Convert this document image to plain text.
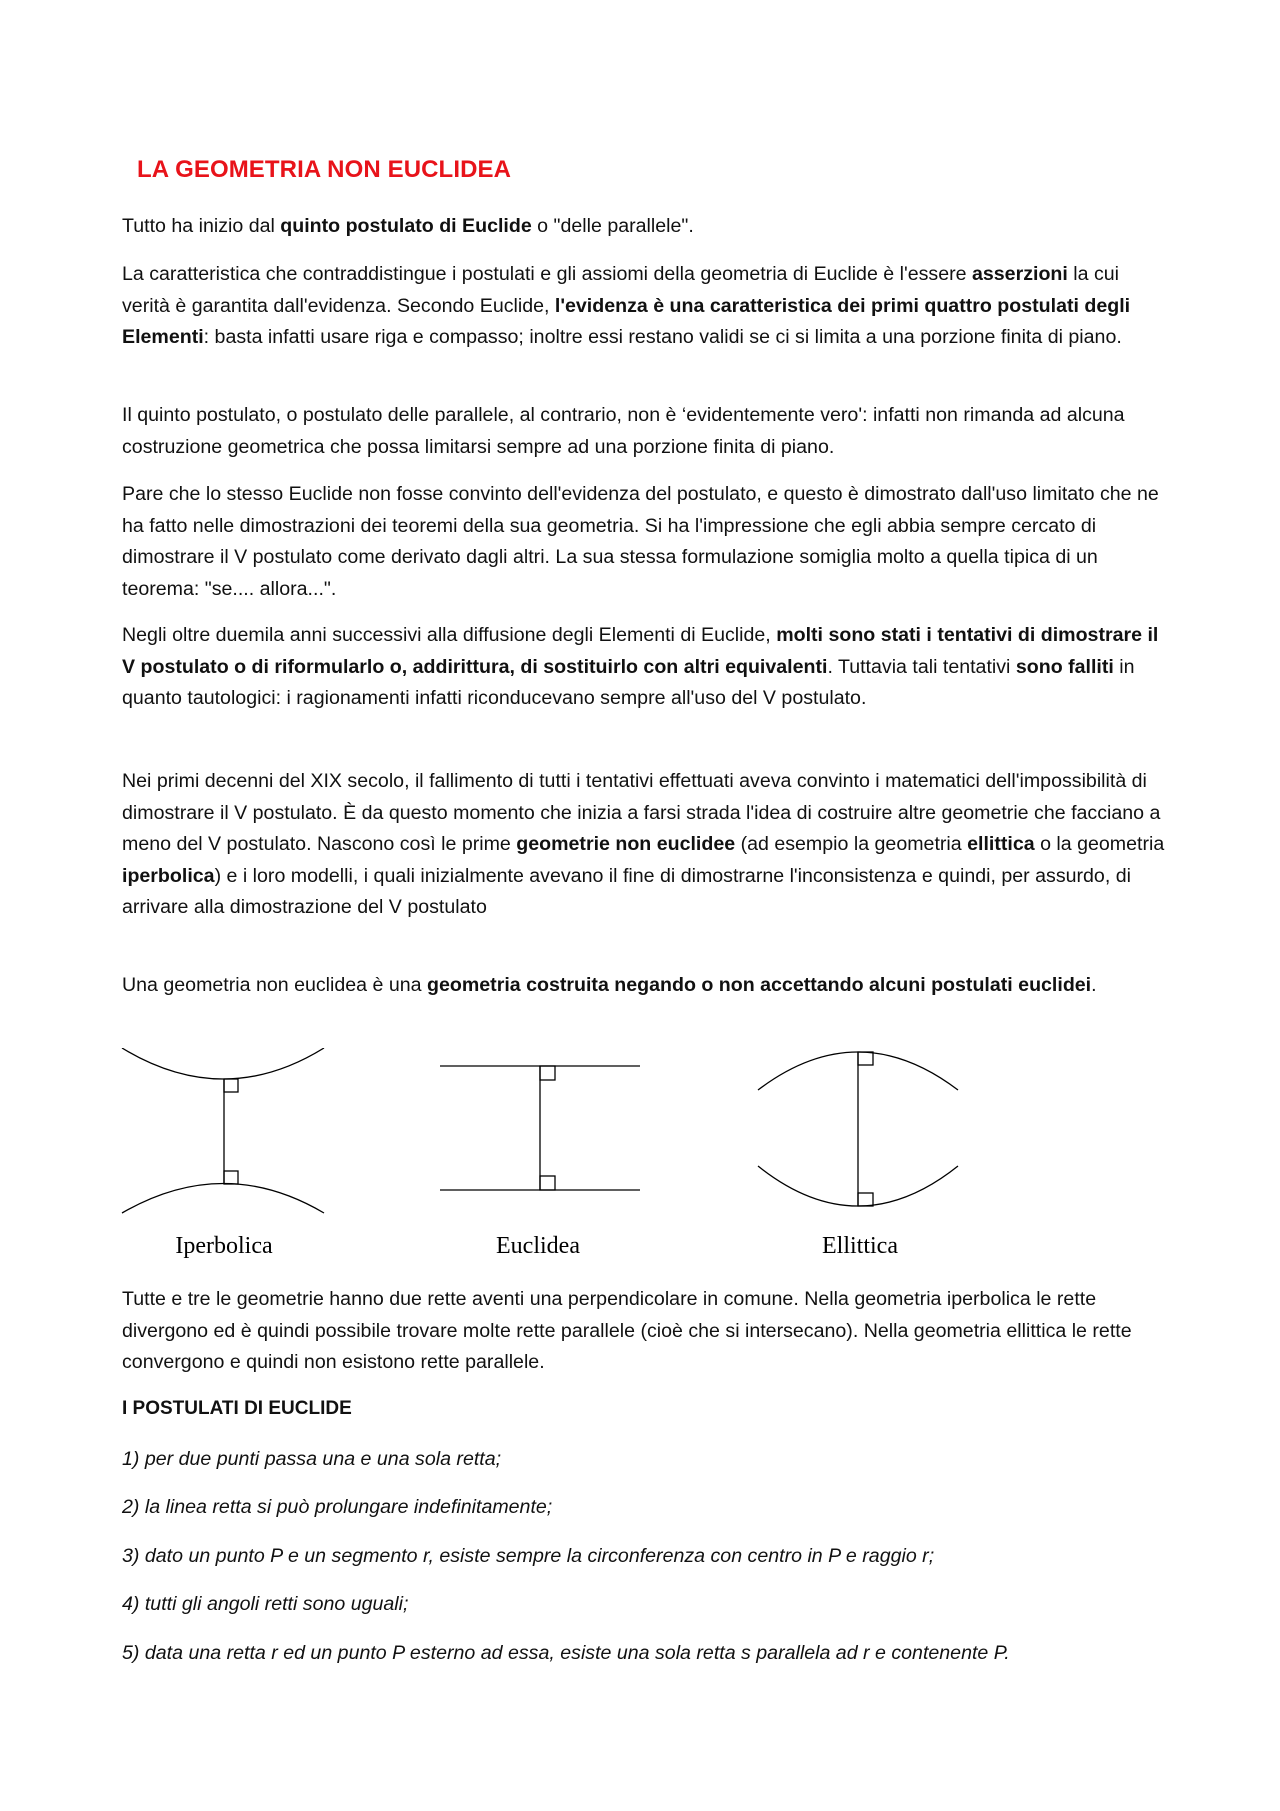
LA GEOMETRIA NON EUCLIDEA

Tutto ha inizio dal quinto postulato di Euclide o "delle parallele".

La caratteristica che contraddistingue i postulati e gli assiomi della geometria di Euclide è l'essere asserzioni la cui verità è garantita dall'evidenza. Secondo Euclide, l'evidenza è una caratteristica dei primi quattro postulati degli Elementi: basta infatti usare riga e compasso; inoltre essi restano validi se ci si limita a una porzione finita di piano.

Il quinto postulato, o postulato delle parallele, al contrario, non è ‘evidentemente vero': infatti non rimanda ad alcuna costruzione geometrica che possa limitarsi sempre ad una porzione finita di piano.

Pare che lo stesso Euclide non fosse convinto dell'evidenza del postulato, e questo è dimostrato dall'uso limitato che ne ha fatto nelle dimostrazioni dei teoremi della sua geometria. Si ha l'impressione che egli abbia sempre cercato di dimostrare il V postulato come derivato dagli altri. La sua stessa formulazione somiglia molto a quella tipica di un teorema: "se.... allora...".

Negli oltre duemila anni successivi alla diffusione degli Elementi di Euclide, molti sono stati i tentativi di dimostrare il V postulato o di riformularlo o, addirittura, di sostituirlo con altri equivalenti. Tuttavia tali tentativi sono falliti in quanto tautologici: i ragionamenti infatti riconducevano sempre all'uso del V postulato.

Nei primi decenni del XIX secolo, il fallimento di tutti i tentativi effettuati aveva convinto i matematici dell'impossibilità di dimostrare il V postulato. È da questo momento che inizia a farsi strada l'idea di costruire altre geometrie che facciano a meno del V postulato. Nascono così le prime geometrie non euclidee (ad esempio la geometria ellittica o la geometria iperbolica) e i loro modelli, i quali inizialmente avevano il fine di dimostrarne l'inconsistenza e quindi, per assurdo, di arrivare alla dimostrazione del V postulato

Una geometria non euclidea è una geometria costruita negando o non accettando alcuni postulati euclidei.

Iperbolica	Euclidea	Ellittica

Tutte e tre le geometrie hanno due rette aventi una perpendicolare in comune. Nella geometria iperbolica le rette divergono ed è quindi possibile trovare molte rette parallele (cioè che si intersecano). Nella geometria ellittica le rette convergono e quindi non esistono rette parallele.

I POSTULATI DI EUCLIDE

1) per due punti passa una e una sola retta;

2) la linea retta si può prolungare indefinitamente;

3) dato un punto P e un segmento r, esiste sempre la circonferenza con centro in P e raggio r;

4) tutti gli angoli retti sono uguali;

5) data una retta r ed un punto P esterno ad essa, esiste una sola retta s parallela ad r e contenente P.
